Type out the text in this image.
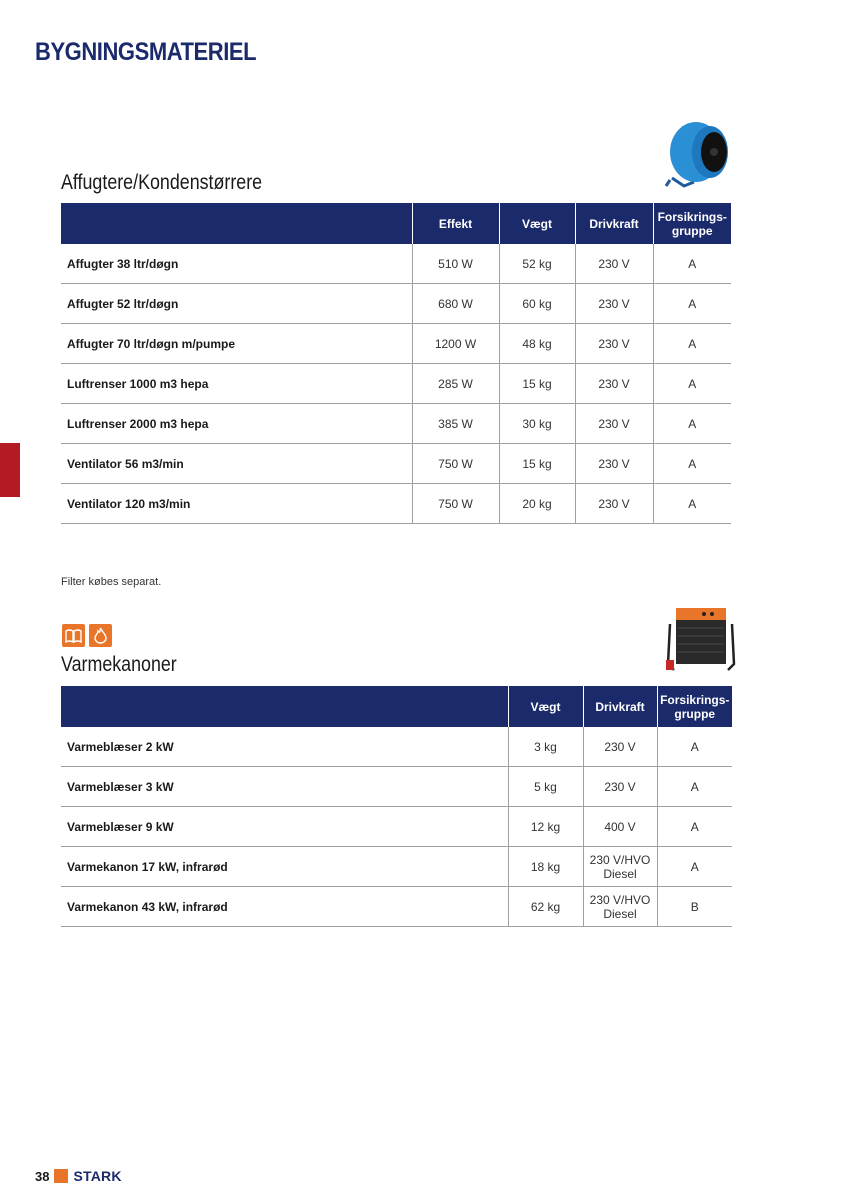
BYGNINGSMATERIEL
Affugtere/Kondenstørrere
	Effekt	Vægt	Drivkraft	Forsikrings-
gruppe
Affugter 38 ltr/døgn	510 W	52 kg	230 V	A
Affugter 52 ltr/døgn	680 W	60 kg	230 V	A
Affugter 70 ltr/døgn m/pumpe	1200 W	48 kg	230 V	A
Luftrenser 1000 m3 hepa	285 W	15 kg	230 V	A
Luftrenser 2000 m3 hepa	385 W	30 kg	230 V	A
Ventilator 56 m3/min	750 W	15 kg	230 V	A
Ventilator 120 m3/min	750 W	20 kg	230 V	A
Filter købes separat.
Varmekanoner
	Vægt	Drivkraft	Forsikrings-
gruppe
Varmeblæser 2 kW	3 kg	230 V	A
Varmeblæser 3 kW	5 kg	230 V	A
Varmeblæser 9 kW	12 kg	400 V	A
Varmekanon 17 kW, infrarød	18 kg	230 V/HVO
Diesel	A
Varmekanon 43 kW, infrarød	62 kg	230 V/HVO
Diesel	B
38 STARK
